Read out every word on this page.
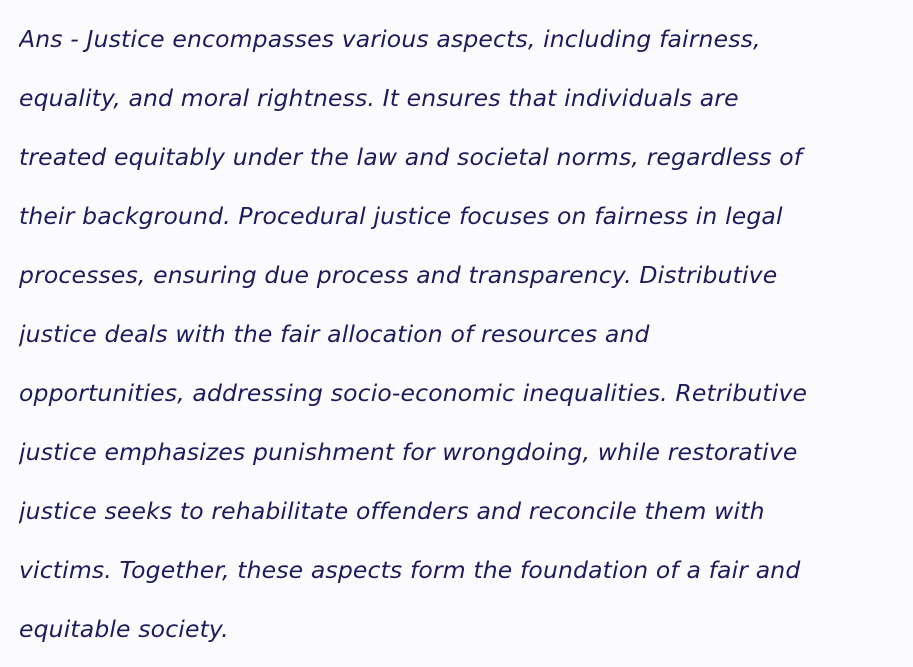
Ans - Justice encompasses various aspects, including fairness,
equality, and moral rightness. It ensures that individuals are
treated equitably under the law and societal norms, regardless of
their background. Procedural justice focuses on fairness in legal
processes, ensuring due process and transparency. Distributive
justice deals with the fair allocation of resources and
opportunities, addressing socio-economic inequalities. Retributive
justice emphasizes punishment for wrongdoing, while restorative
justice seeks to rehabilitate offenders and reconcile them with
victims. Together, these aspects form the foundation of a fair and
equitable society.
